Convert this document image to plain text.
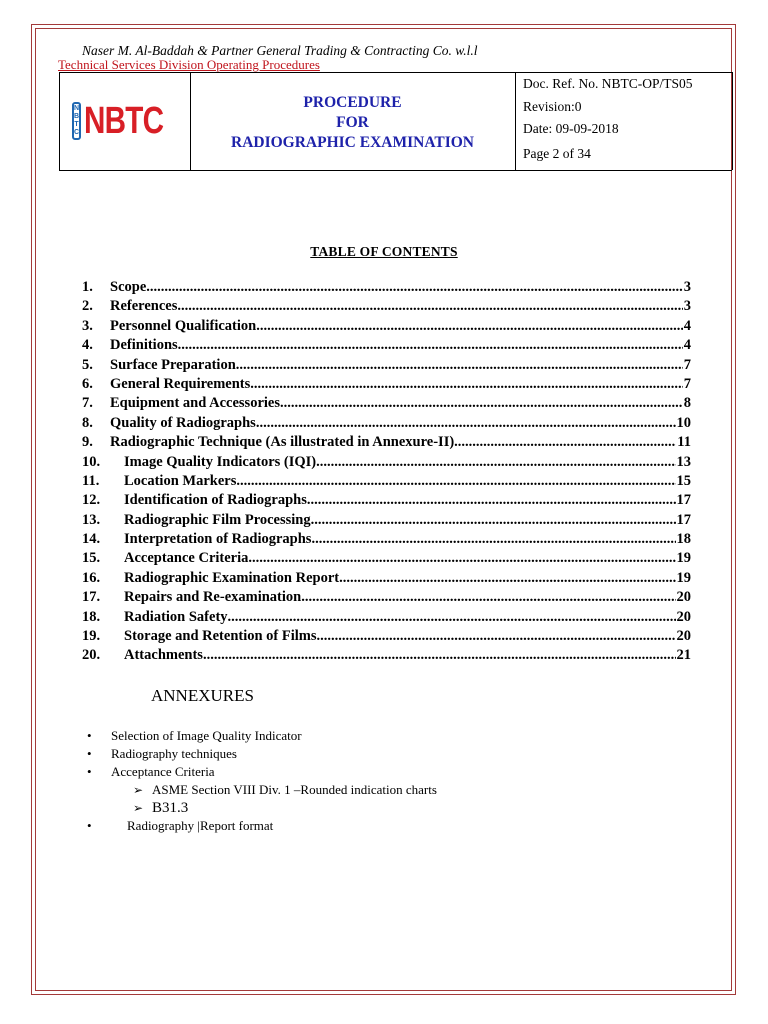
Naser M. Al-Baddah & Partner General Trading & Contracting Co. w.l.l
Technical Services Division Operating Procedures
N
B
T
C NBTC	PROCEDURE
FOR
RADIOGRAPHIC EXAMINATION
Doc. Ref. No. NBTC-OP/TS05
Revision:0
Date: 09-09-2018
Page 2 of 34
TABLE OF CONTENTS
1.	Scope .....	3
2.	References .....	3
3.	Personnel Qualification .....	4
4.	Definitions. .....	4
5.	Surface Preparation .....	7
6.	General Requirements .....	7
7.	Equipment and Accessories .....	8
8.	Quality of Radiographs .....	10
9.	Radiographic Technique (As illustrated in Annexure-II) .....	11
10.	Image Quality Indicators (IQI) .....	13
11.	Location Markers .....	15
12.	Identification of Radiographs .....	17
13.	Radiographic Film Processing .....	17
14.	Interpretation of Radiographs .....	18
15.	Acceptance Criteria. .....	19
16.	Radiographic Examination Report .....	19
17.	Repairs and Re-examination .....	20
18.	Radiation Safety .....	20
19.	Storage and Retention of Films .....	20
20.	Attachments .....	21
ANNEXURES
•Selection of Image Quality Indicator
•Radiography techniques
•Acceptance Criteria
➢ ASME Section VIII Div. 1 –Rounded indication charts
➢ B31.3
•Radiography |Report format
